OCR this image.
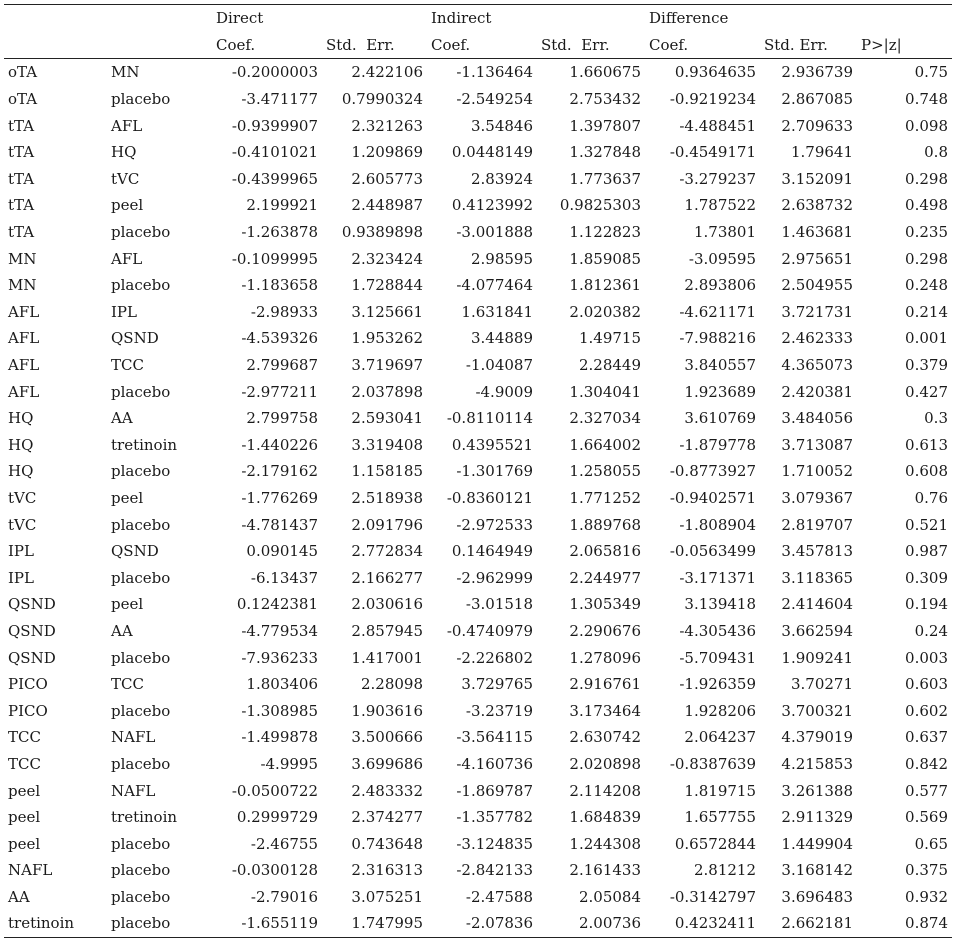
		Direct		Indirect		Difference		
		Coef.	Std.  Err.	Coef.	Std.  Err.	Coef.	Std. Err.	P>|z|
oTA	MN	-0.2000003	2.422106	-1.136464	1.660675	0.9364635	2.936739	0.75
oTA	placebo	-3.471177	0.7990324	-2.549254	2.753432	-0.9219234	2.867085	0.748
tTA	AFL	-0.9399907	2.321263	3.54846	1.397807	-4.488451	2.709633	0.098
tTA	HQ	-0.4101021	1.209869	0.0448149	1.327848	-0.4549171	1.79641	0.8
tTA	tVC	-0.4399965	2.605773	2.83924	1.773637	-3.279237	3.152091	0.298
tTA	peel	2.199921	2.448987	0.4123992	0.9825303	1.787522	2.638732	0.498
tTA	placebo	-1.263878	0.9389898	-3.001888	1.122823	1.73801	1.463681	0.235
MN	AFL	-0.1099995	2.323424	2.98595	1.859085	-3.09595	2.975651	0.298
MN	placebo	-1.183658	1.728844	-4.077464	1.812361	2.893806	2.504955	0.248
AFL	IPL	-2.98933	3.125661	1.631841	2.020382	-4.621171	3.721731	0.214
AFL	QSND	-4.539326	1.953262	3.44889	1.49715	-7.988216	2.462333	0.001
AFL	TCC	2.799687	3.719697	-1.04087	2.28449	3.840557	4.365073	0.379
AFL	placebo	-2.977211	2.037898	-4.9009	1.304041	1.923689	2.420381	0.427
HQ	AA	2.799758	2.593041	-0.8110114	2.327034	3.610769	3.484056	0.3
HQ	tretinoin	-1.440226	3.319408	0.4395521	1.664002	-1.879778	3.713087	0.613
HQ	placebo	-2.179162	1.158185	-1.301769	1.258055	-0.8773927	1.710052	0.608
tVC	peel	-1.776269	2.518938	-0.8360121	1.771252	-0.9402571	3.079367	0.76
tVC	placebo	-4.781437	2.091796	-2.972533	1.889768	-1.808904	2.819707	0.521
IPL	QSND	0.090145	2.772834	0.1464949	2.065816	-0.0563499	3.457813	0.987
IPL	placebo	-6.13437	2.166277	-2.962999	2.244977	-3.171371	3.118365	0.309
QSND	peel	0.1242381	2.030616	-3.01518	1.305349	3.139418	2.414604	0.194
QSND	AA	-4.779534	2.857945	-0.4740979	2.290676	-4.305436	3.662594	0.24
QSND	placebo	-7.936233	1.417001	-2.226802	1.278096	-5.709431	1.909241	0.003
PICO	TCC	1.803406	2.28098	3.729765	2.916761	-1.926359	3.70271	0.603
PICO	placebo	-1.308985	1.903616	-3.23719	3.173464	1.928206	3.700321	0.602
TCC	NAFL	-1.499878	3.500666	-3.564115	2.630742	2.064237	4.379019	0.637
TCC	placebo	-4.9995	3.699686	-4.160736	2.020898	-0.8387639	4.215853	0.842
peel	NAFL	-0.0500722	2.483332	-1.869787	2.114208	1.819715	3.261388	0.577
peel	tretinoin	0.2999729	2.374277	-1.357782	1.684839	1.657755	2.911329	0.569
peel	placebo	-2.46755	0.743648	-3.124835	1.244308	0.6572844	1.449904	0.65
NAFL	placebo	-0.0300128	2.316313	-2.842133	2.161433	2.81212	3.168142	0.375
AA	placebo	-2.79016	3.075251	-2.47588	2.05084	-0.3142797	3.696483	0.932
tretinoin	placebo	-1.655119	1.747995	-2.07836	2.00736	0.4232411	2.662181	0.874
